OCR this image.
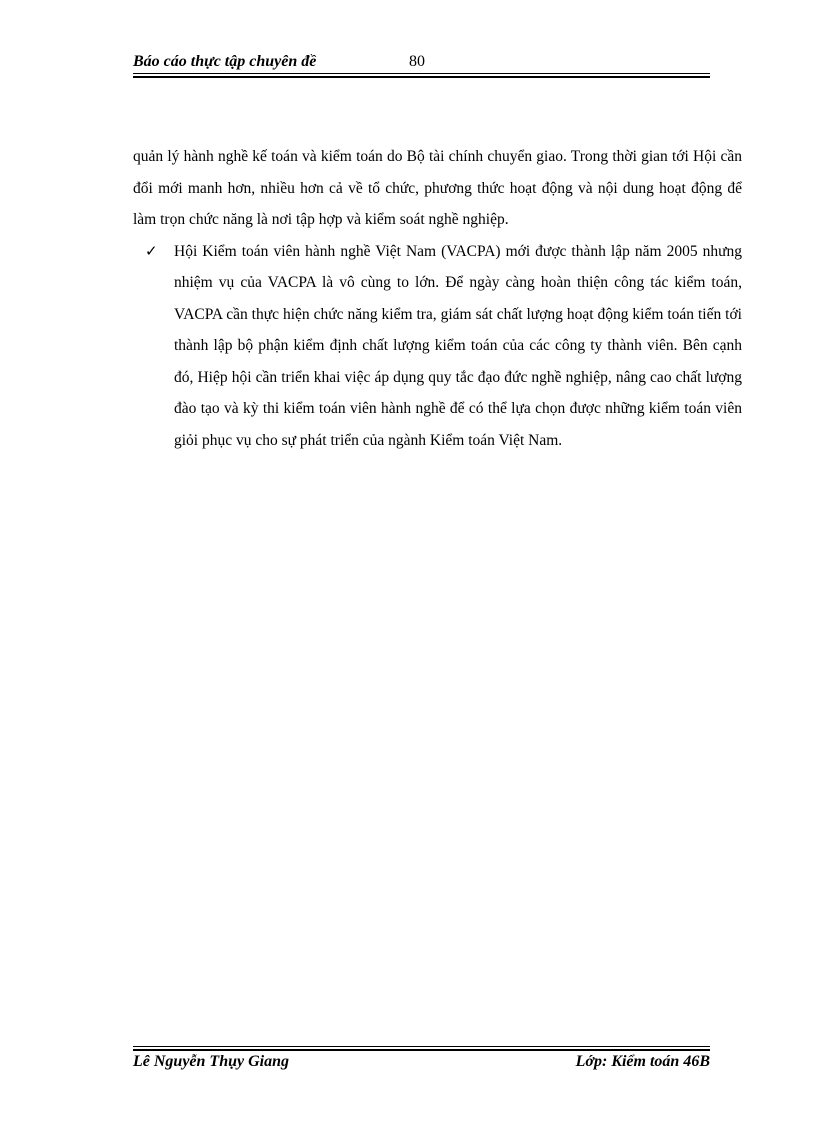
Báo cáo thực tập chuyên đề	80

quản lý hành nghề kế toán và kiểm toán do Bộ tài chính chuyển giao. Trong thời gian tới Hội cần đổi mới manh hơn, nhiều hơn cả về tổ chức, phương thức hoạt động và nội dung hoạt động để làm trọn chức năng là nơi tập hợp và kiểm soát nghề nghiệp.

✓ Hội Kiểm toán viên hành nghề Việt Nam (VACPA) mới được thành lập năm 2005 nhưng nhiệm vụ của VACPA là vô cùng to lớn. Để ngày càng hoàn thiện công tác kiểm toán, VACPA cần thực hiện chức năng kiểm tra, giám sát chất lượng hoạt động kiểm toán tiến tới thành lập bộ phận kiểm định chất lượng kiểm toán của các công ty thành viên. Bên cạnh đó, Hiệp hội cần triển khai việc áp dụng quy tắc đạo đức nghề nghiệp, nâng cao chất lượng đào tạo và kỳ thi kiểm toán viên hành nghề để có thể lựa chọn được những kiểm toán viên giỏi phục vụ cho sự phát triển của ngành Kiểm toán Việt Nam.

Lê Nguyễn Thụy Giang	Lớp: Kiểm toán 46B
